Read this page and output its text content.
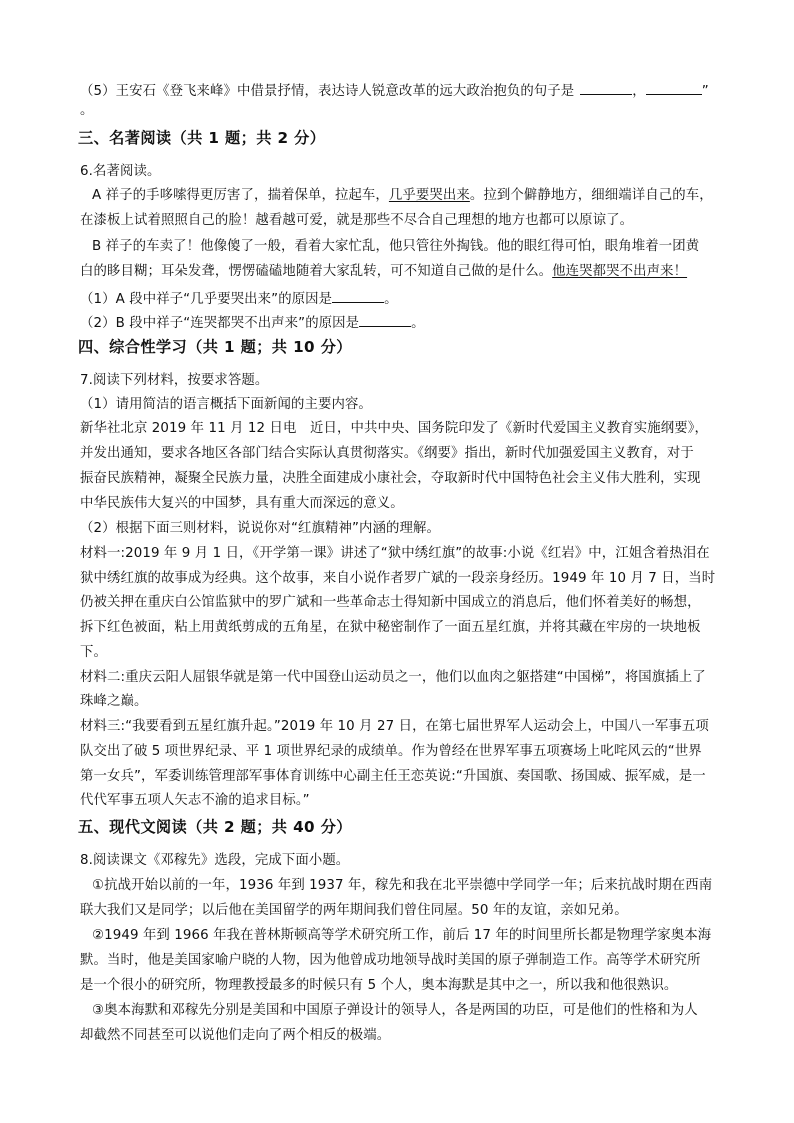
（5）王安石《登飞来峰》中借景抒情，表达诗人锐意改革的远大政治抱负的句子是	，	”
。
三、名著阅读（共 1 题；共 2 分）
6.名著阅读。
A 祥子的手哆嗦得更厉害了，揣着保单，拉起车，几乎要哭出来。拉到个僻静地方，细细端详自己的车，
在漆板上试着照照自己的脸！越看越可爱，就是那些不尽合自己理想的地方也都可以原谅了。
B 祥子的车卖了！他像傻了一般，看着大家忙乱，他只管往外掏钱。他的眼红得可怕，眼角堆着一团黄
白的眵目糊；耳朵发聋，愣愣磕磕地随着大家乱转，可不知道自己做的是什么。他连哭都哭不出声来！
（1）A 段中祥子“几乎要哭出来”的原因是	。
（2）B 段中祥子“连哭都哭不出声来”的原因是	。
四、综合性学习（共 1 题；共 10 分）
7.阅读下列材料，按要求答题。
（1）请用简洁的语言概括下面新闻的主要内容。
新华社北京 2019 年 11 月 12 日电　近日，中共中央、国务院印发了《新时代爱国主义教育实施纲要》，
并发出通知，要求各地区各部门结合实际认真贯彻落实。《纲要》指出，新时代加强爱国主义教育，对于
振奋民族精神，凝聚全民族力量，决胜全面建成小康社会，夺取新时代中国特色社会主义伟大胜利，实现
中华民族伟大复兴的中国梦，具有重大而深远的意义。
（2）根据下面三则材料，说说你对“红旗精神”内涵的理解。
材料一:2019 年 9 月 1 日，《开学第一课》讲述了“狱中绣红旗”的故事:小说《红岩》中，江姐含着热泪在
狱中绣红旗的故事成为经典。这个故事，来自小说作者罗广斌的一段亲身经历。1949 年 10 月 7 日，当时
仍被关押在重庆白公馆监狱中的罗广斌和一些革命志士得知新中国成立的消息后，他们怀着美好的畅想，
拆下红色被面，粘上用黄纸剪成的五角星，在狱中秘密制作了一面五星红旗，并将其藏在牢房的一块地板
下。
材料二:重庆云阳人屈银华就是第一代中国登山运动员之一，他们以血肉之躯搭建“中国梯”，将国旗插上了
珠峰之巅。
材料三:“我要看到五星红旗升起。”2019 年 10 月 27 日，在第七届世界军人运动会上，中国八一军事五项
队交出了破 5 项世界纪录、平 1 项世界纪录的成绩单。作为曾经在世界军事五项赛场上叱咤风云的“世界
第一女兵”，军委训练管理部军事体育训练中心副主任王恋英说:“升国旗、奏国歌、扬国威、振军威，是一
代代军事五项人矢志不渝的追求目标。”
五、现代文阅读（共 2 题；共 40 分）
8.阅读课文《邓稼先》选段，完成下面小题。
①抗战开始以前的一年，1936 年到 1937 年，稼先和我在北平崇德中学同学一年；后来抗战时期在西南
联大我们又是同学；以后他在美国留学的两年期间我们曾住同屋。50 年的友谊，亲如兄弟。
②1949 年到 1966 年我在普林斯顿高等学术研究所工作，前后 17 年的时间里所长都是物理学家奥本海
默。当时，他是美国家喻户晓的人物，因为他曾成功地领导战时美国的原子弹制造工作。高等学术研究所
是一个很小的研究所，物理教授最多的时候只有 5 个人，奥本海默是其中之一，所以我和他很熟识。
③奥本海默和邓稼先分别是美国和中国原子弹设计的领导人，各是两国的功臣，可是他们的性格和为人
却截然不同甚至可以说他们走向了两个相反的极端。
